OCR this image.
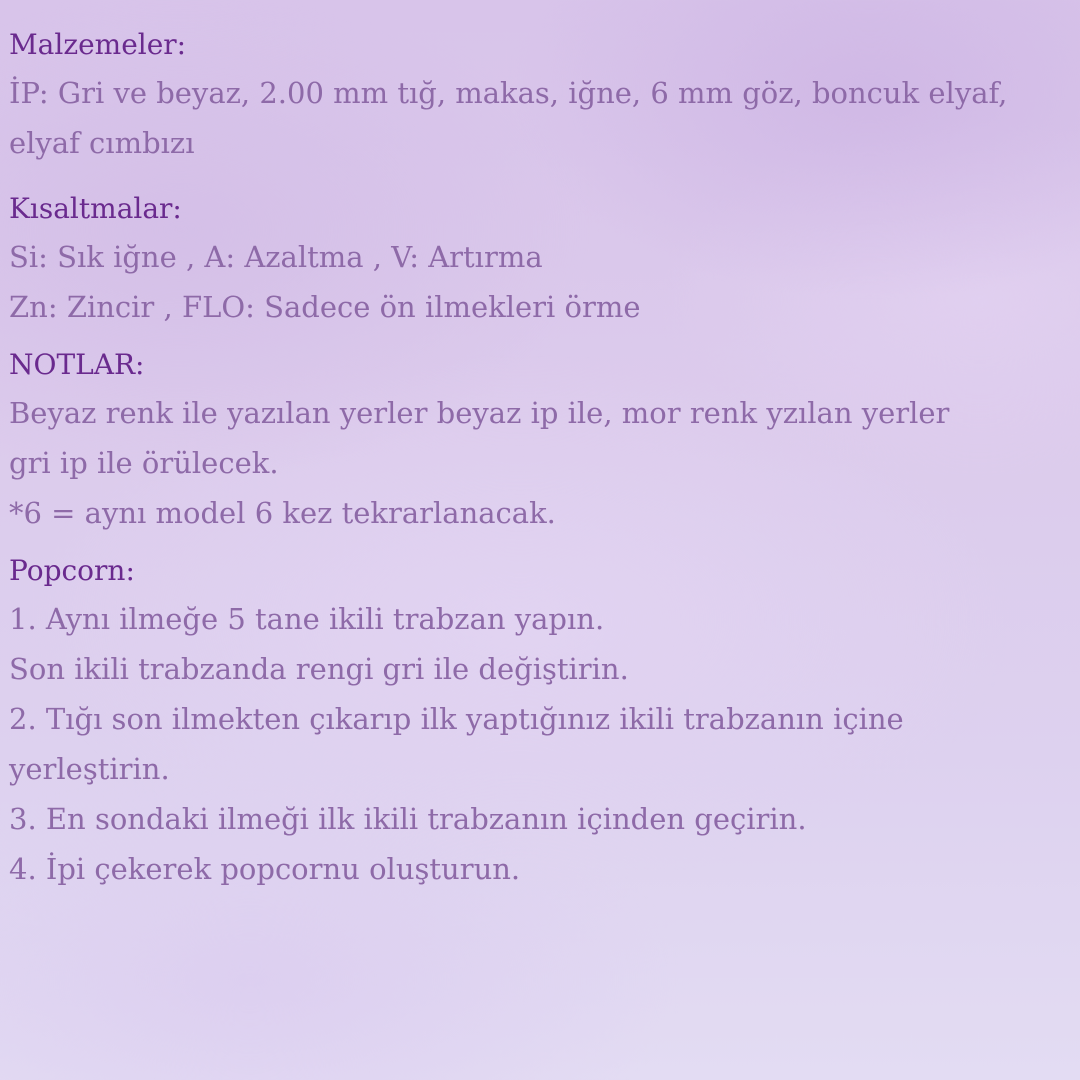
Malzemeler:
İP: Gri ve beyaz, 2.00 mm tığ, makas, iğne, 6 mm göz, boncuk elyaf,
elyaf cımbızı
Kısaltmalar:
Si: Sık iğne , A: Azaltma , V: Artırma
Zn: Zincir , FLO: Sadece ön ilmekleri örme
NOTLAR:
Beyaz renk ile yazılan yerler beyaz ip ile, mor renk yzılan yerler
gri ip ile örülecek.
*6 = aynı model 6 kez tekrarlanacak.
Popcorn:
1. Aynı ilmeğe 5 tane ikili trabzan yapın.
Son ikili trabzanda rengi gri ile değiştirin.
2. Tığı son ilmekten çıkarıp ilk yaptığınız ikili trabzanın içine
yerleştirin.
3. En sondaki ilmeği ilk ikili trabzanın içinden geçirin.
4. İpi çekerek popcornu oluşturun.
